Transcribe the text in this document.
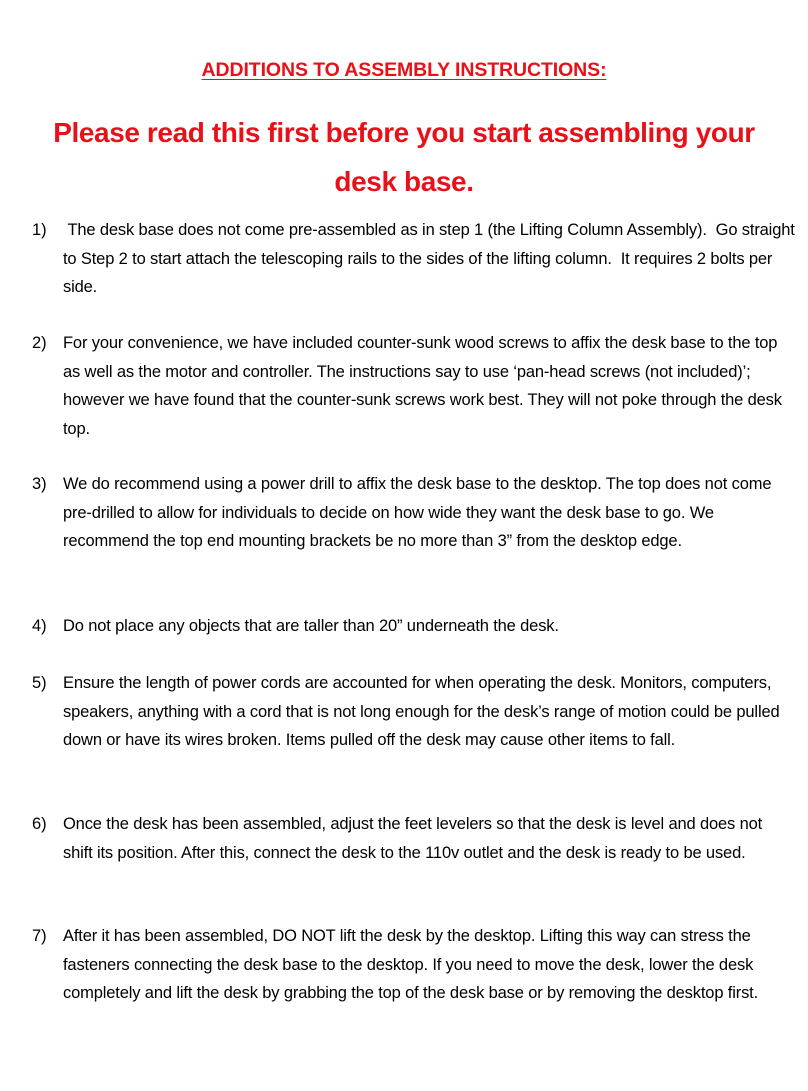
ADDITIONS TO ASSEMBLY INSTRUCTIONS:
Please read this first before you start assembling your desk base.
1) The desk base does not come pre-assembled as in step 1 (the Lifting Column Assembly).  Go straight to Step 2 to start attach the telescoping rails to the sides of the lifting column.  It requires 2 bolts per side.
2) For your convenience, we have included counter-sunk wood screws to affix the desk base to the top as well as the motor and controller. The instructions say to use ‘pan-head screws (not included)’; however we have found that the counter-sunk screws work best. They will not poke through the desk top.
3) We do recommend using a power drill to affix the desk base to the desktop. The top does not come pre-drilled to allow for individuals to decide on how wide they want the desk base to go. We recommend the top end mounting brackets be no more than 3” from the desktop edge.
4) Do not place any objects that are taller than 20” underneath the desk.
5) Ensure the length of power cords are accounted for when operating the desk. Monitors, computers, speakers, anything with a cord that is not long enough for the desk’s range of motion could be pulled down or have its wires broken. Items pulled off the desk may cause other items to fall.
6) Once the desk has been assembled, adjust the feet levelers so that the desk is level and does not shift its position. After this, connect the desk to the 110v outlet and the desk is ready to be used.
7) After it has been assembled, DO NOT lift the desk by the desktop. Lifting this way can stress the fasteners connecting the desk base to the desktop. If you need to move the desk, lower the desk completely and lift the desk by grabbing the top of the desk base or by removing the desktop first.
